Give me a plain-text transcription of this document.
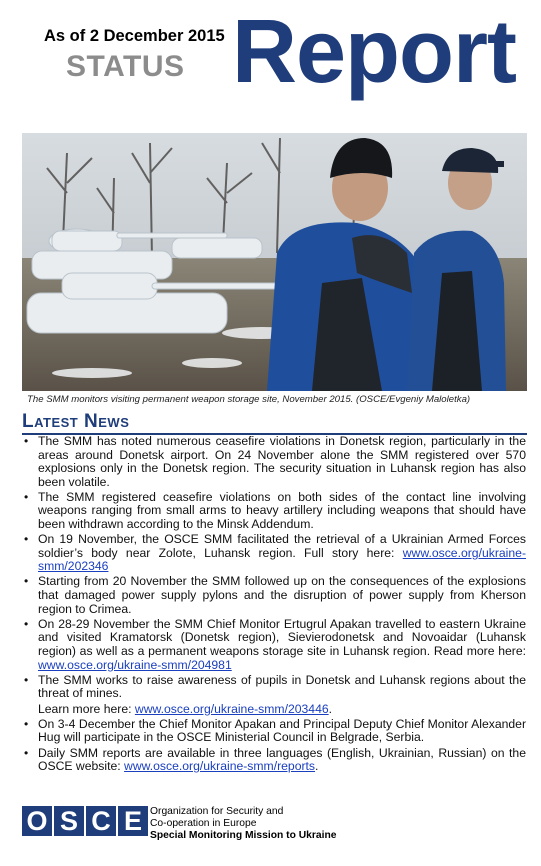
As of 2 December 2015
STATUS Report
The SMM monitors visiting permanent weapon storage site, November 2015. (OSCE/Evgeniy Maloletka)
Latest News
• The SMM has noted numerous ceasefire violations in Donetsk region, particularly in the areas around Donetsk airport. On 24 November alone the SMM registered over 570 explosions only in the Donetsk region. The security situation in Luhansk region has also been volatile.
• The SMM registered ceasefire violations on both sides of the contact line involving weapons ranging from small arms to heavy artillery including weapons that should have been withdrawn according to the Minsk Addendum.
• On 19 November, the OSCE SMM facilitated the retrieval of a Ukrainian Armed Forces soldier’s body near Zolote, Luhansk region. Full story here: www.osce.org/ukraine-smm/202346
• Starting from 20 November the SMM followed up on the consequences of the explosions that damaged power supply pylons and the disruption of power supply from Kherson region to Crimea.
• On 28-29 November the SMM Chief Monitor Ertugrul Apakan travelled to eastern Ukraine and visited Kramatorsk (Donetsk region), Sievierodonetsk and Novoaidar (Luhansk region) as well as a permanent weapons storage site in Luhansk region. Read more here: www.osce.org/ukraine-smm/204981
• The SMM works to raise awareness of pupils in Donetsk and Luhansk regions about the threat of mines.
Learn more here: www.osce.org/ukraine-smm/203446.
• On 3-4 December the Chief Monitor Apakan and Principal Deputy Chief Monitor Alexander Hug will participate in the OSCE Ministerial Council in Belgrade, Serbia.
• Daily SMM reports are available in three languages (English, Ukrainian, Russian) on the OSCE website: www.osce.org/ukraine-smm/reports.
O S C E Organization for Security and
Co-operation in Europe
Special Monitoring Mission to Ukraine
